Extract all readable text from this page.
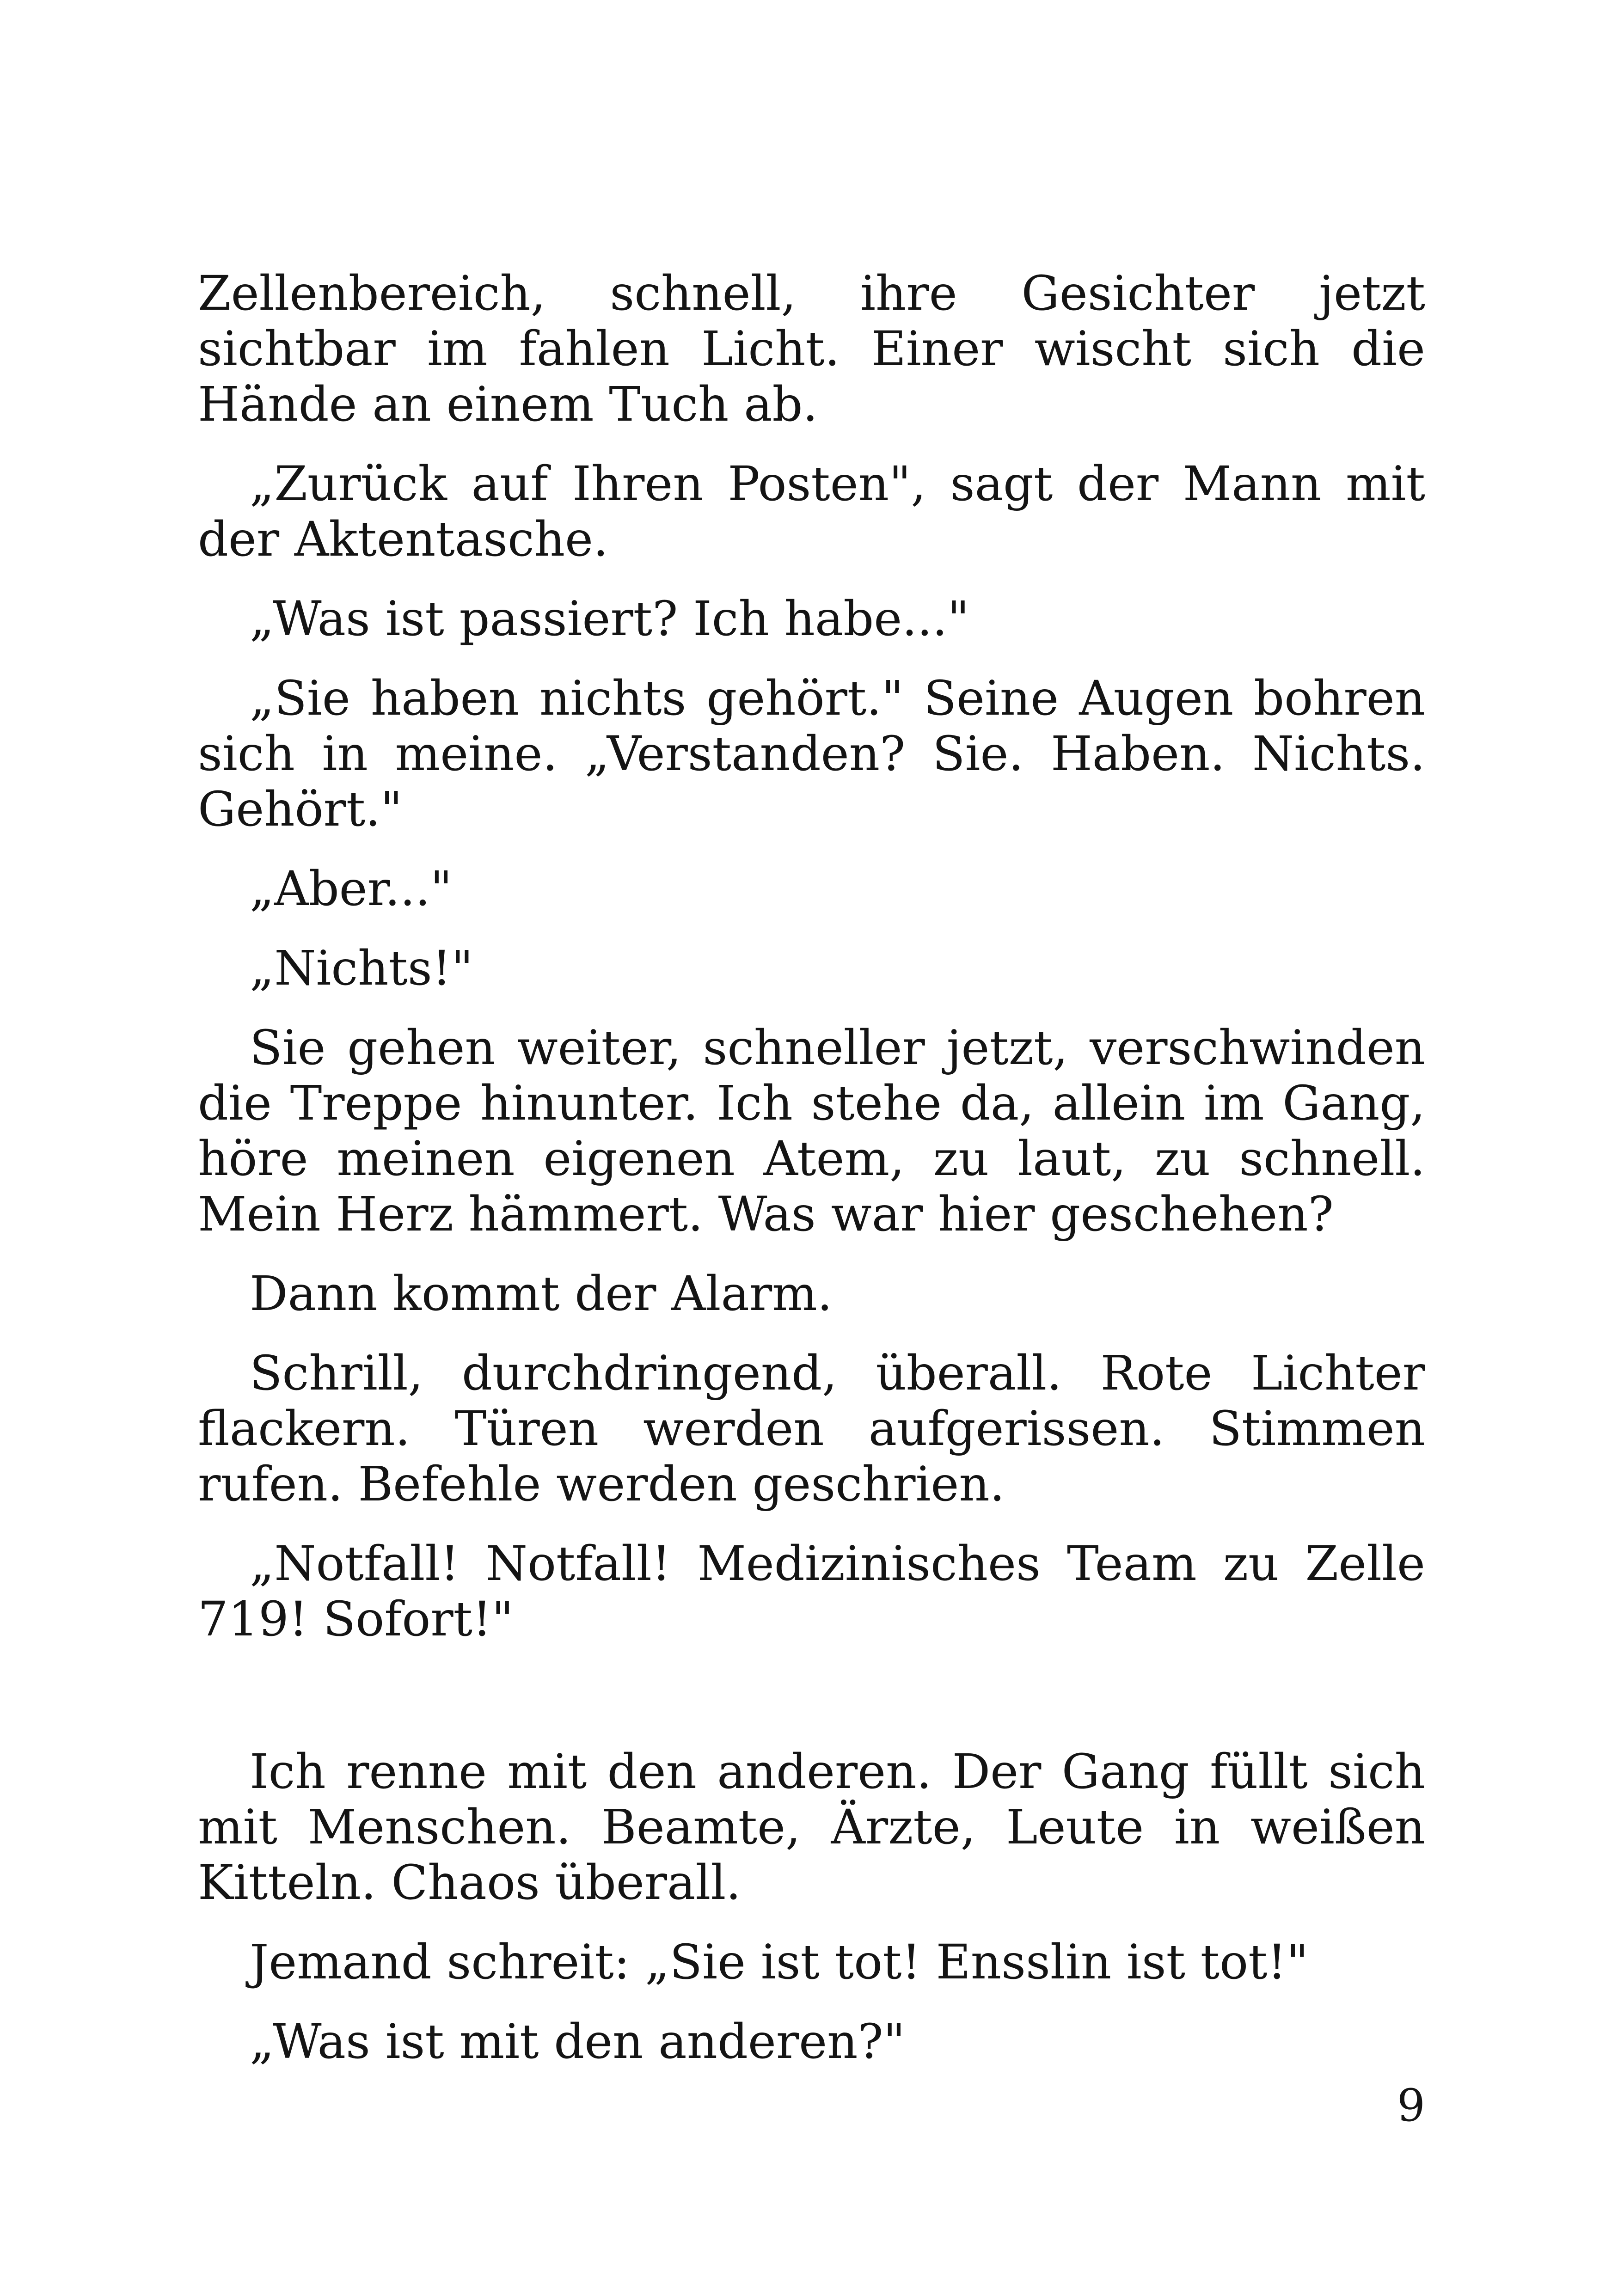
Zellenbereich, schnell, ihre Gesichter jetzt sichtbar im fahlen Licht. Einer wischt sich die Hände an einem Tuch ab.

„Zurück auf Ihren Posten", sagt der Mann mit der Aktentasche.

„Was ist passiert? Ich habe..."

„Sie haben nichts gehört." Seine Augen bohren sich in meine. „Verstanden? Sie. Haben. Nichts. Gehört."

„Aber..."

„Nichts!"

Sie gehen weiter, schneller jetzt, verschwinden die Treppe hinunter. Ich stehe da, allein im Gang, höre meinen eigenen Atem, zu laut, zu schnell. Mein Herz hämmert. Was war hier geschehen?

Dann kommt der Alarm.

Schrill, durchdringend, überall. Rote Lichter flackern. Türen werden aufgerissen. Stimmen rufen. Befehle werden geschrien.

„Notfall! Notfall! Medizinisches Team zu Zelle 719! Sofort!"

Ich renne mit den anderen. Der Gang füllt sich mit Menschen. Beamte, Ärzte, Leute in weißen Kitteln. Chaos überall.

Jemand schreit: „Sie ist tot! Ensslin ist tot!"

„Was ist mit den anderen?"

9
